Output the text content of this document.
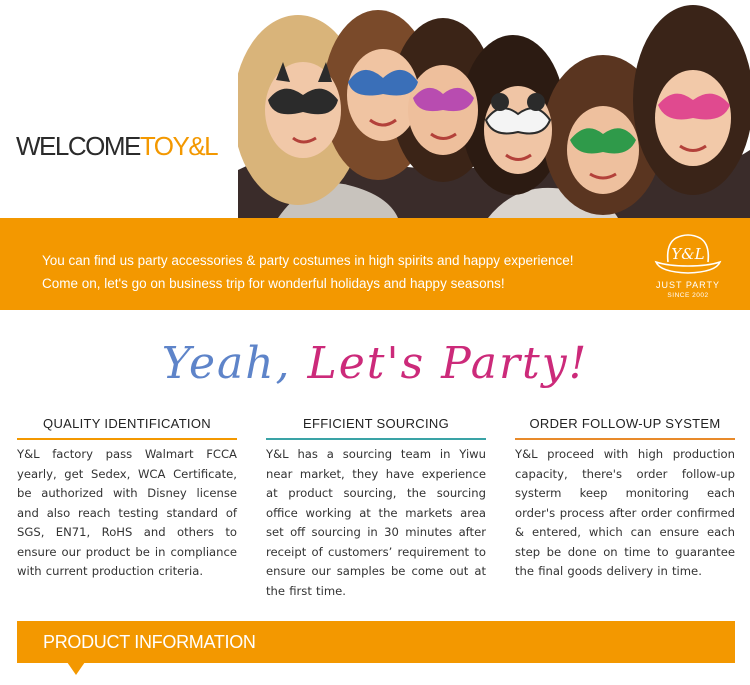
WELCOMETOY&L
You can find us party accessories & party costumes in high spirits and happy experience!
Come on, let's go on business trip for wonderful holidays and happy seasons!
Y&L
JUST PARTY
SINCE 2002
Yeah, Let's Party!
QUALITY IDENTIFICATION
Y&L factory pass Walmart FCCA yearly, get Sedex, WCA Certificate, be authorized with Disney license and also reach testing standard of SGS, EN71, RoHS and others to ensure our product be in compliance with current production criteria.
EFFICIENT SOURCING
Y&L has a sourcing team in Yiwu near market, they have experience at product sourcing, the sourcing office working at the markets area set off sourcing in 30 minutes after receipt of customers’ requirement to ensure our samples be come out at the first time.
ORDER FOLLOW-UP SYSTEM
Y&L proceed with high production capacity, there's order follow-up systerm keep monitoring each order's process after order confirmed & entered, which can ensure each step be done on time to guarantee the final goods delivery in time.
PRODUCT INFORMATION
